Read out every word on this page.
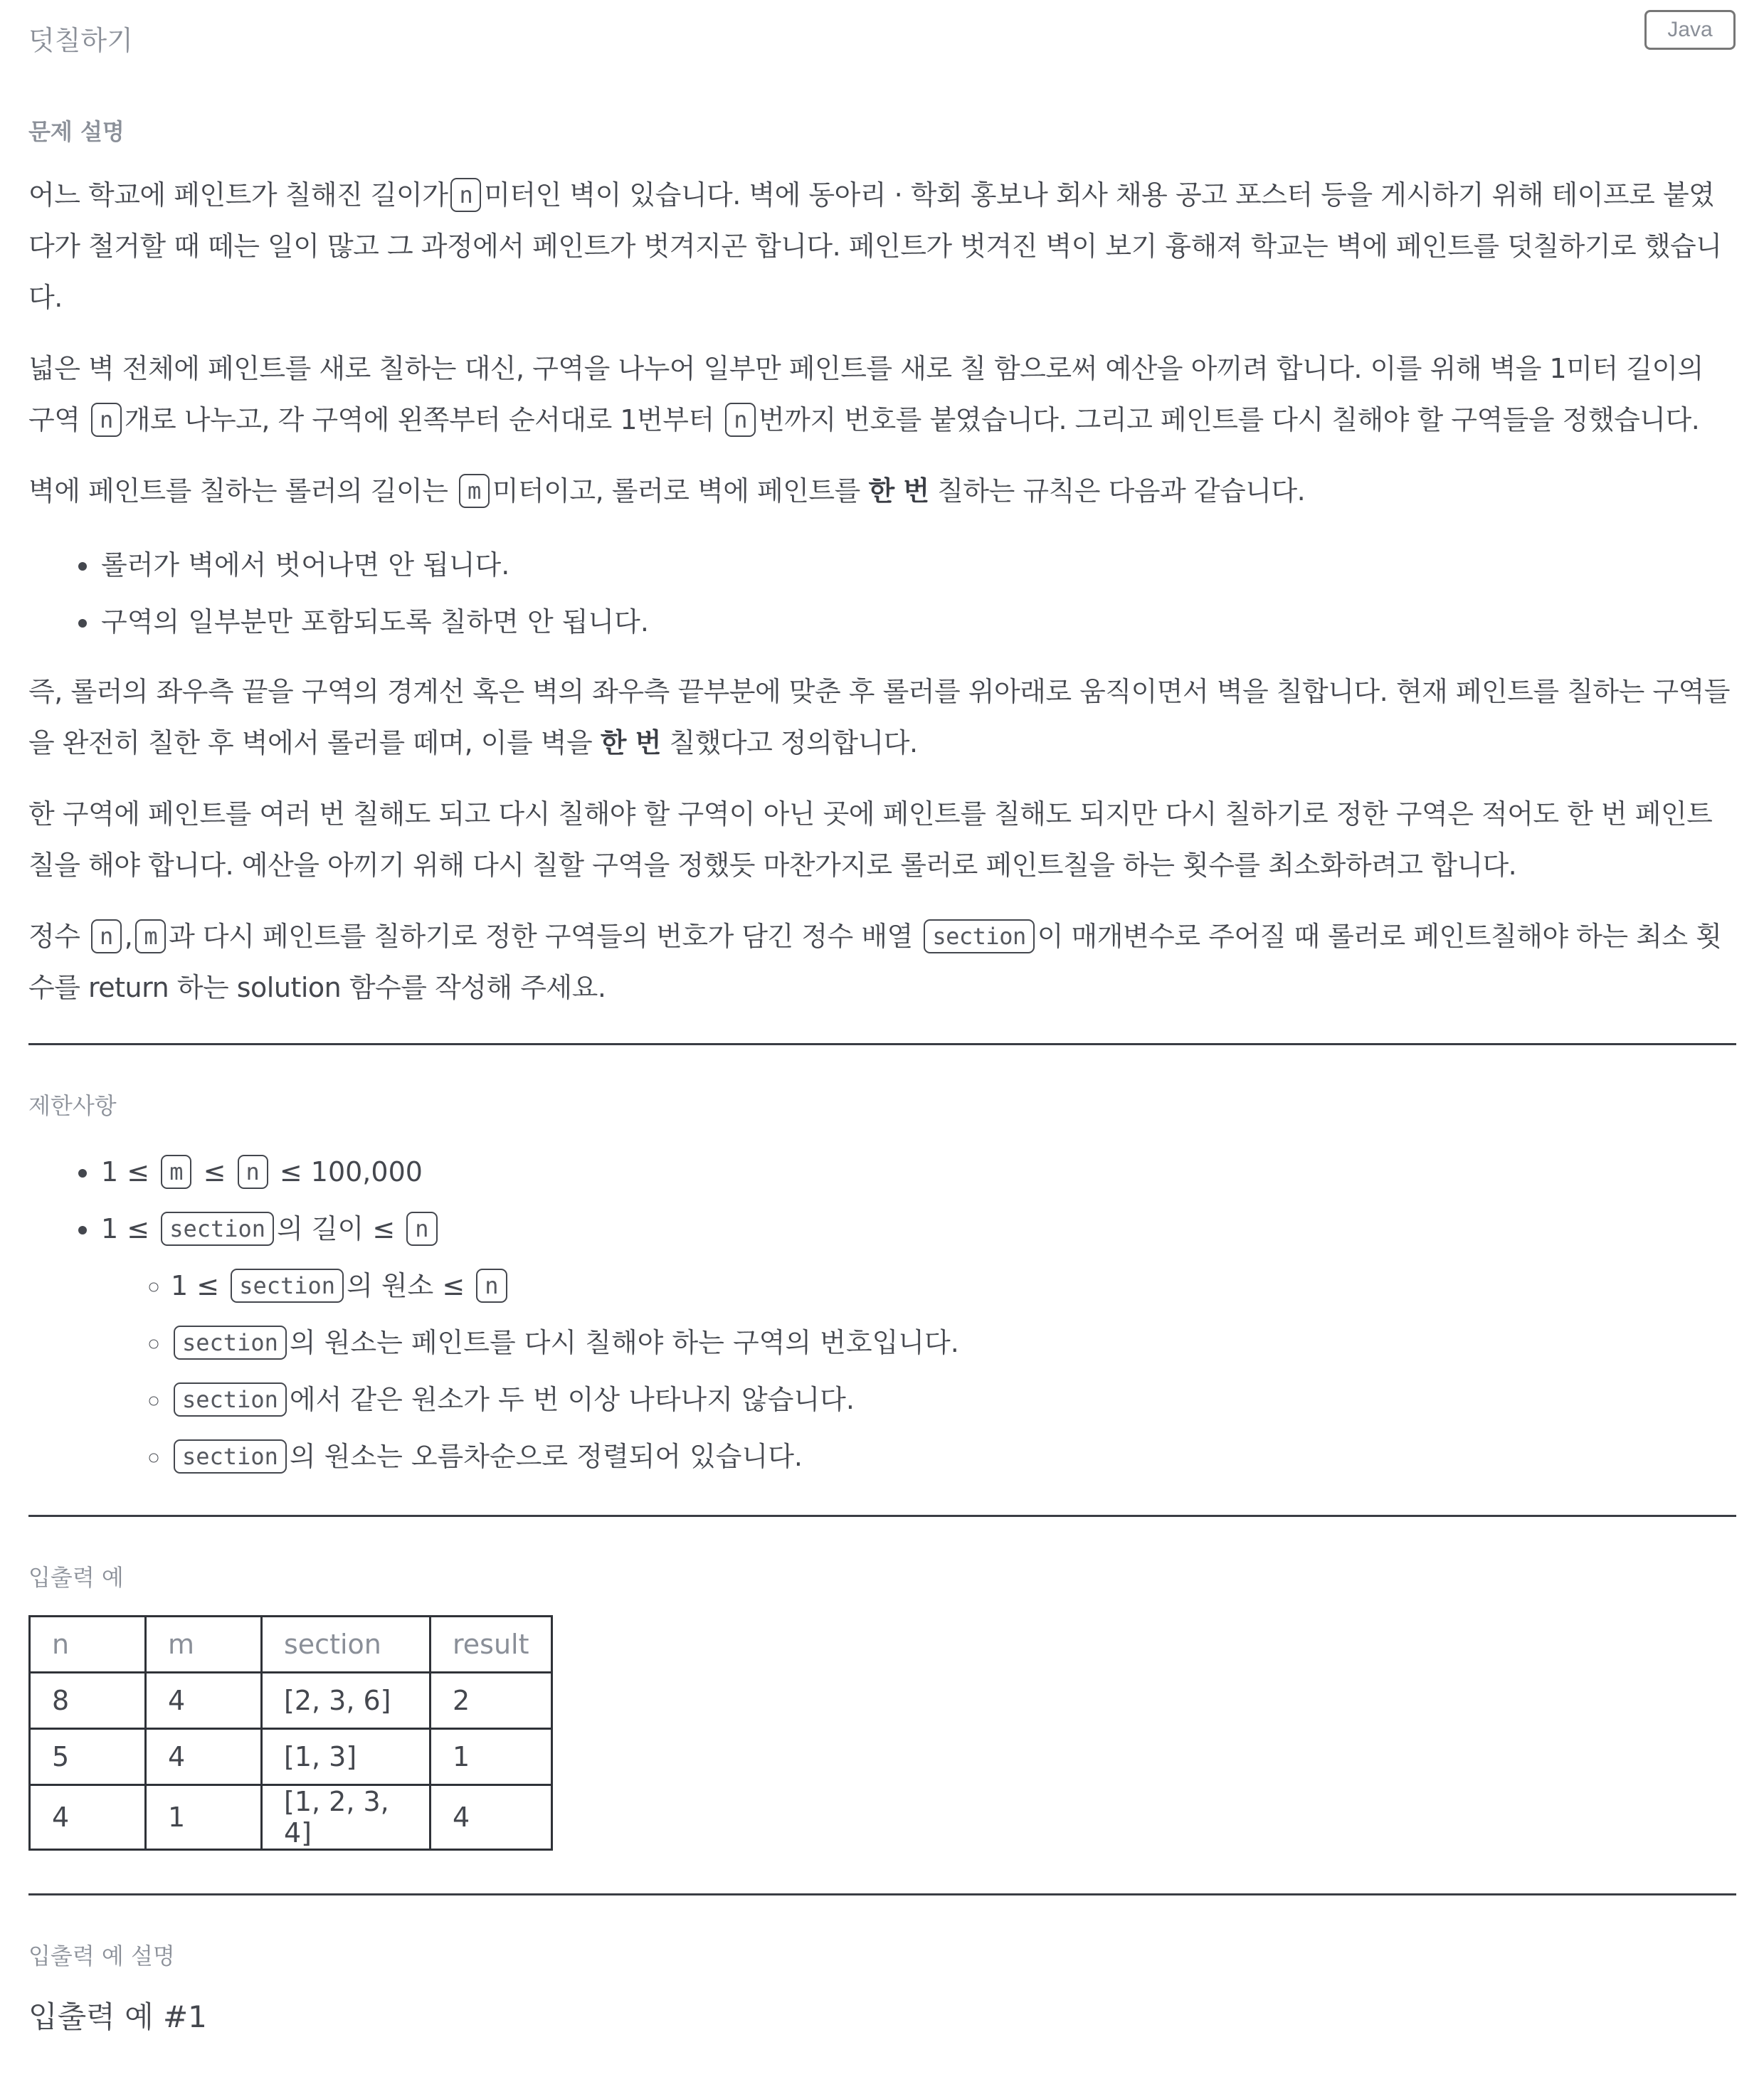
덧칠하기	Java
문제 설명

어느 학교에 페인트가 칠해진 길이가 n 미터인 벽이 있습니다. 벽에 동아리 · 학회 홍보나 회사 채용 공고 포스터 등을 게시하기 위해 테이프로 붙였다가 철거할 때 떼는 일이 많고 그 과정에서 페인트가 벗겨지곤 합니다. 페인트가 벗겨진 벽이 보기 흉해져 학교는 벽에 페인트를 덧칠하기로 했습니다.

넓은 벽 전체에 페인트를 새로 칠하는 대신, 구역을 나누어 일부만 페인트를 새로 칠 함으로써 예산을 아끼려 합니다. 이를 위해 벽을 1미터 길이의 구역 n 개로 나누고, 각 구역에 왼쪽부터 순서대로 1번부터 n 번까지 번호를 붙였습니다. 그리고 페인트를 다시 칠해야 할 구역들을 정했습니다.

벽에 페인트를 칠하는 롤러의 길이는 m 미터이고, 롤러로 벽에 페인트를 한 번 칠하는 규칙은 다음과 같습니다.

• 롤러가 벽에서 벗어나면 안 됩니다.
• 구역의 일부분만 포함되도록 칠하면 안 됩니다.

즉, 롤러의 좌우측 끝을 구역의 경계선 혹은 벽의 좌우측 끝부분에 맞춘 후 롤러를 위아래로 움직이면서 벽을 칠합니다. 현재 페인트를 칠하는 구역들을 완전히 칠한 후 벽에서 롤러를 떼며, 이를 벽을 한 번 칠했다고 정의합니다.

한 구역에 페인트를 여러 번 칠해도 되고 다시 칠해야 할 구역이 아닌 곳에 페인트를 칠해도 되지만 다시 칠하기로 정한 구역은 적어도 한 번 페인트칠을 해야 합니다. 예산을 아끼기 위해 다시 칠할 구역을 정했듯 마찬가지로 롤러로 페인트칠을 하는 횟수를 최소화하려고 합니다.

정수 n , m 과 다시 페인트를 칠하기로 정한 구역들의 번호가 담긴 정수 배열 section 이 매개변수로 주어질 때 롤러로 페인트칠해야 하는 최소 횟수를 return 하는 solution 함수를 작성해 주세요.

제한사항
• 1 ≤ m ≤ n ≤ 100,000
• 1 ≤ section 의 길이 ≤ n
◦ 1 ≤ section 의 원소 ≤ n
◦ section 의 원소는 페인트를 다시 칠해야 하는 구역의 번호입니다.
◦ section 에서 같은 원소가 두 번 이상 나타나지 않습니다.
◦ section 의 원소는 오름차순으로 정렬되어 있습니다.
입출력 예
n	m	section	result
8	4	[2, 3, 6]	2
5	4	[1, 3]	1
4	1	[1, 2, 3, 4]	4
입출력 예 설명
입출력 예 #1
